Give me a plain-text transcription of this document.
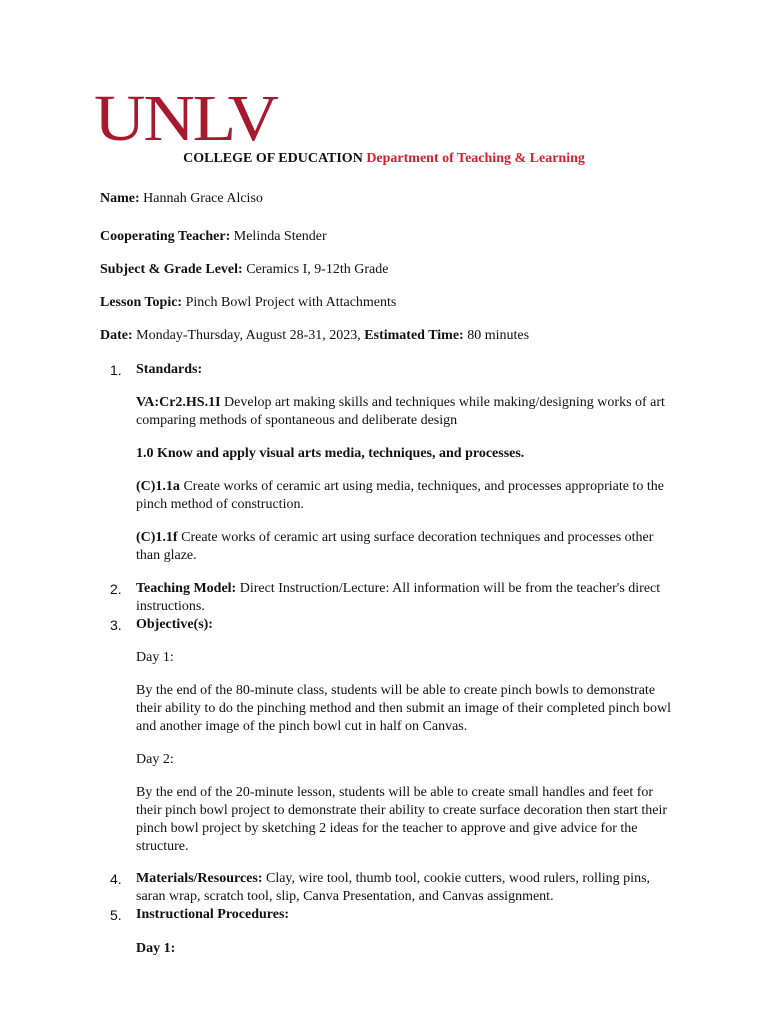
UNLV
COLLEGE OF EDUCATION Department of Teaching & Learning
Name: Hannah Grace Alciso
Cooperating Teacher: Melinda Stender
Subject & Grade Level: Ceramics I, 9-12th Grade
Lesson Topic: Pinch Bowl Project with Attachments
Date: Monday-Thursday, August 28-31, 2023, Estimated Time: 80 minutes
1.	Standards:
VA:Cr2.HS.1I Develop art making skills and techniques while making/designing works of art comparing methods of spontaneous and deliberate design
1.0 Know and apply visual arts media, techniques, and processes.
(C)1.1a Create works of ceramic art using media, techniques, and processes appropriate to the pinch method of construction.
(C)1.1f Create works of ceramic art using surface decoration techniques and processes other than glaze.
2.	Teaching Model: Direct Instruction/Lecture: All information will be from the teacher's direct instructions.
3.	Objective(s):
Day 1:
By the end of the 80-minute class, students will be able to create pinch bowls to demonstrate their ability to do the pinching method and then submit an image of their completed pinch bowl and another image of the pinch bowl cut in half on Canvas.
Day 2:
By the end of the 20-minute lesson, students will be able to create small handles and feet for their pinch bowl project to demonstrate their ability to create surface decoration then start their pinch bowl project by sketching 2 ideas for the teacher to approve and give advice for the structure.
4.	Materials/Resources: Clay, wire tool, thumb tool, cookie cutters, wood rulers, rolling pins, saran wrap, scratch tool, slip, Canva Presentation, and Canvas assignment.
5.	Instructional Procedures:
Day 1:
